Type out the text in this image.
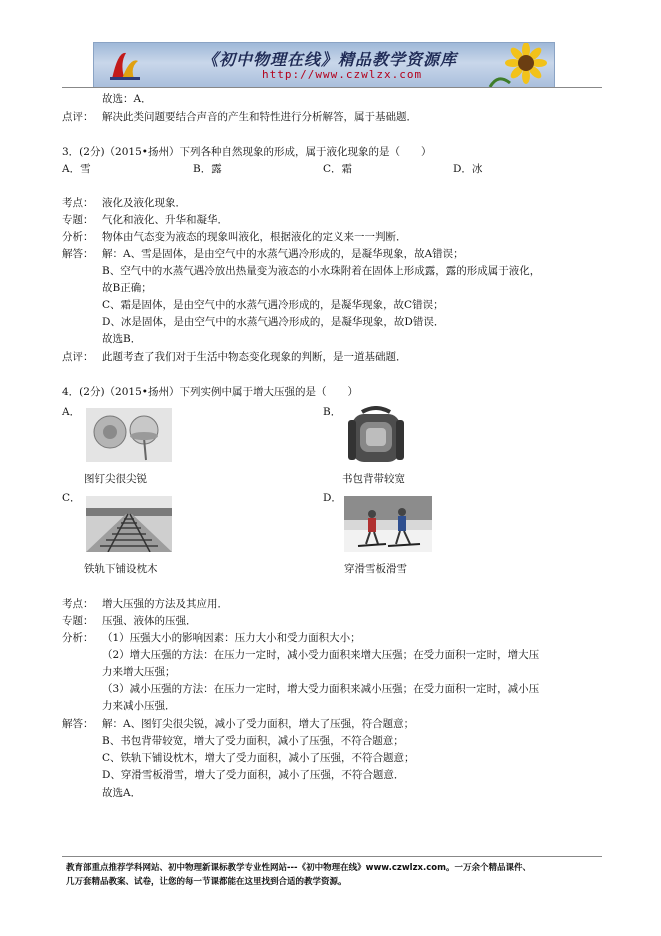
《初中物理在线》精品教学资源库
http://www.czwlzx.com
故选：A．
点评： 解决此类问题要结合声音的产生和特性进行分析解答，属于基础题．
3．(2分)（2015•扬州）下列各种自然现象的形成，属于液化现象的是（　　）
A．雪	B．露	C．霜	D．冰
考点： 液化及液化现象．
专题： 气化和液化、升华和凝华．
分析： 物体由气态变为液态的现象叫液化，根据液化的定义来一一判断．
解答： 解：A、雪是固体，是由空气中的水蒸气遇冷形成的，是凝华现象，故A错误；
B、空气中的水蒸气遇冷放出热量变为液态的小水珠附着在固体上形成露，露的形成属于液化，
故B正确；
C、霜是固体，是由空气中的水蒸气遇冷形成的，是凝华现象，故C错误；
D、冰是固体，是由空气中的水蒸气遇冷形成的，是凝华现象，故D错误．
故选B．
点评： 此题考查了我们对于生活中物态变化现象的判断，是一道基础题．
4．(2分)（2015•扬州）下列实例中属于增大压强的是（　　）
A．
图钉尖很尖锐
B．
书包背带较宽
C．
铁轨下铺设枕木
D．
穿滑雪板滑雪
考点： 增大压强的方法及其应用．
专题： 压强、液体的压强．
分析： （1）压强大小的影响因素：压力大小和受力面积大小；
（2）增大压强的方法：在压力一定时，减小受力面积来增大压强；在受力面积一定时，增大压
力来增大压强；
（3）减小压强的方法：在压力一定时，增大受力面积来减小压强；在受力面积一定时，减小压
力来减小压强．
解答： 解：A、图钉尖很尖锐，减小了受力面积，增大了压强，符合题意；
B、书包背带较宽，增大了受力面积，减小了压强，不符合题意；
C、铁轨下铺设枕木，增大了受力面积，减小了压强，不符合题意；
D、穿滑雪板滑雪，增大了受力面积，减小了压强，不符合题意．
故选A．
教育部重点推荐学科网站、初中物理新课标教学专业性网站---《初中物理在线》www.czwlzx.com。一万余个精品课件、
几万套精品教案、试卷，让您的每一节课都能在这里找到合适的教学资源。
